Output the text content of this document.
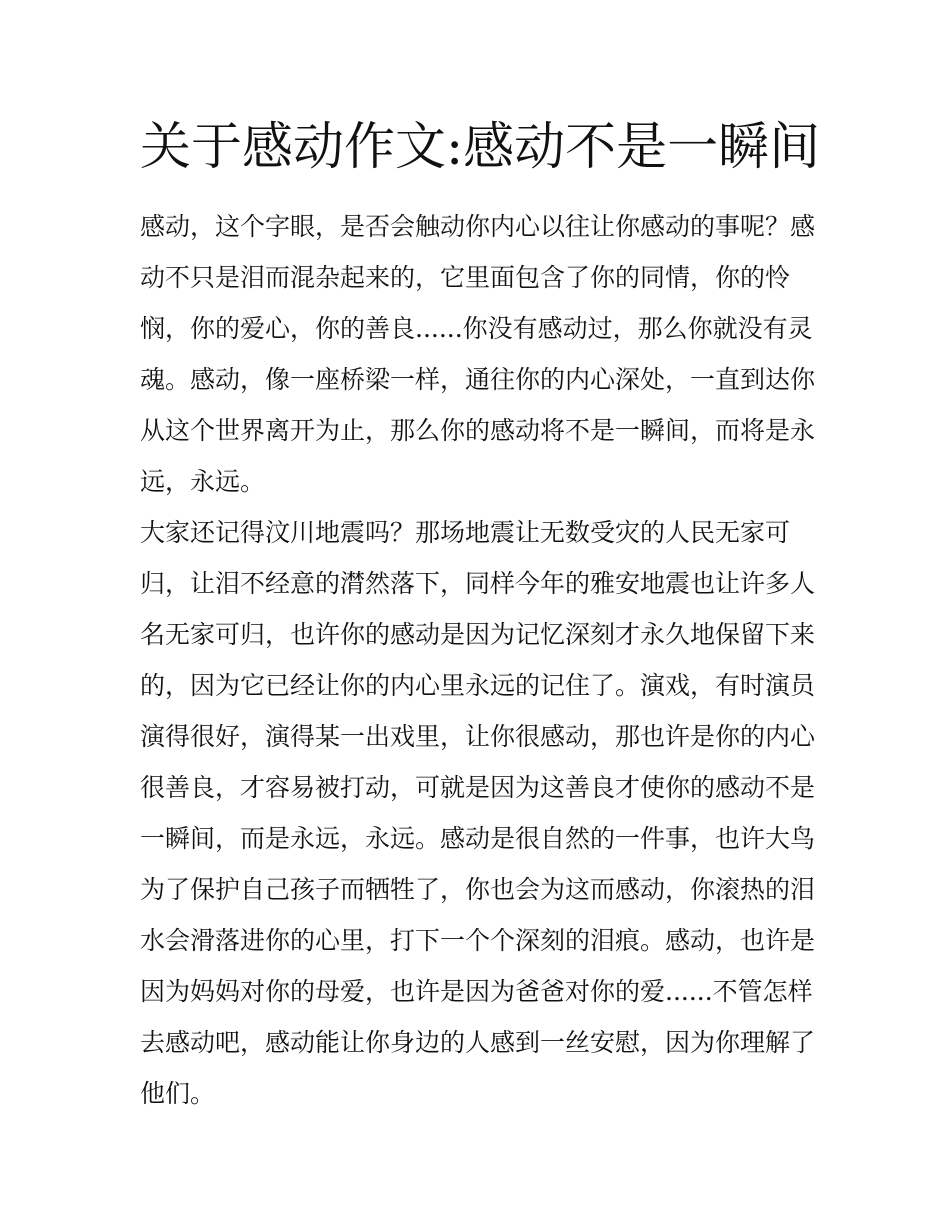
关于感动作文:感动不是一瞬间

感动，这个字眼，是否会触动你内心以往让你感动的事呢？感
动不只是泪而混杂起来的，它里面包含了你的同情，你的怜
悯，你的爱心，你的善良......你没有感动过，那么你就没有灵
魂。感动，像一座桥梁一样，通往你的内心深处，一直到达你
从这个世界离开为止，那么你的感动将不是一瞬间，而将是永
远，永远。

大家还记得汶川地震吗？那场地震让无数受灾的人民无家可
归，让泪不经意的潸然落下，同样今年的雅安地震也让许多人
名无家可归，也许你的感动是因为记忆深刻才永久地保留下来
的，因为它已经让你的内心里永远的记住了。演戏，有时演员
演得很好，演得某一出戏里，让你很感动，那也许是你的内心
很善良，才容易被打动，可就是因为这善良才使你的感动不是
一瞬间，而是永远，永远。感动是很自然的一件事，也许大鸟
为了保护自己孩子而牺牲了，你也会为这而感动，你滚热的泪
水会滑落进你的心里，打下一个个深刻的泪痕。感动，也许是
因为妈妈对你的母爱，也许是因为爸爸对你的爱......不管怎样
去感动吧，感动能让你身边的人感到一丝安慰，因为你理解了
他们。
